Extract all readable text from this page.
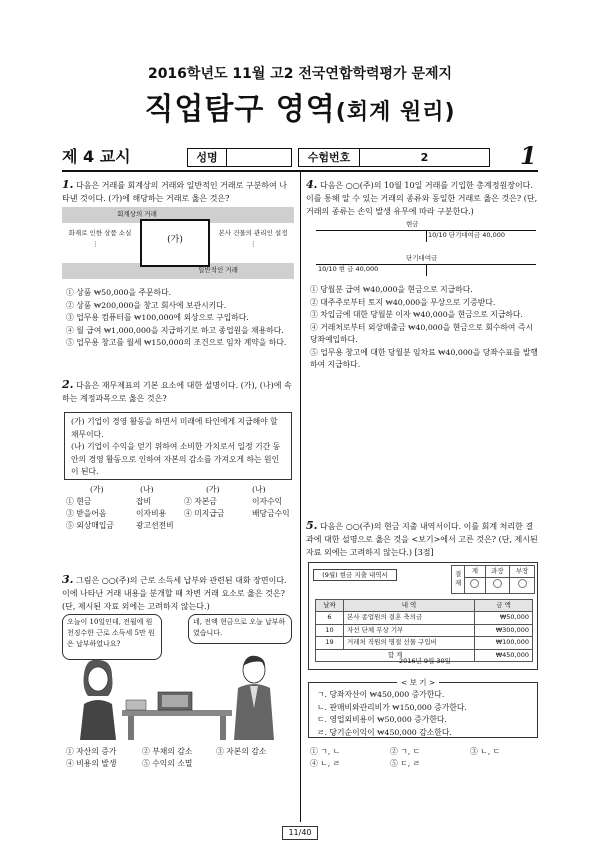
2016학년도 11월 고2 전국연합학력평가 문제지
직업탐구 영역(회계 원리)
제 4 교시	성명	수험번호	2	1
1. 다음은 거래를 회계상의 거래와 일반적인 거래로 구분하여 나타낸 것이다. (가)에 해당하는 거래로 옳은 것은?
회계상의 거래
화재로 인한 상품 소실
⋮	(가)
본사 건물의 관리인 설정
⋮
일반적인 거래
① 상품 ₩50,000을 주문하다.
② 상품 ₩200,000을 창고 회사에 보관시키다.
③ 업무용 컴퓨터를 ₩100,000에 외상으로 구입하다.
④ 월 급여 ₩1,000,000을 지급하기로 하고 종업원을 채용하다.
⑤ 업무용 창고를 월세 ₩150,000의 조건으로 임차 계약을 하다.
2. 다음은 재무제표의 기본 요소에 대한 설명이다. (가), (나)에 속하는 계정과목으로 옳은 것은?
(가) 기업이 경영 활동을 하면서 미래에 타인에게 지급해야 할 채무이다.
(나) 기업이 수익을 얻기 위하여 소비한 가치로서 일정 기간 동안의 경영 활동으로 인하여 자본의 감소를 가져오게 하는 원인이 된다.
(가)	(나)	(가)	(나)
① 현금	잡비	② 자본금	이자수익
③ 받을어음	이자비용 ④ 미지급금	배당금수익
⑤ 외상매입금	광고선전비
3. 그림은 ○○(주)의 근로 소득세 납부와 관련된 대화 장면이다. 이에 나타난 거래 내용을 분개할 때 차변 거래 요소로 옳은 것은? (단, 제시된 자료 외에는 고려하지 않는다.)
오늘이 10일인데, 전월에 원천징수한 근로 소득세 5만 원은 납부하였나요?
네, 전액 현금으로 오늘 납부하였습니다.
① 자산의 증가	② 부채의 감소	③ 자본의 감소
④ 비용의 발생	⑤ 수익의 소멸
4. 다음은 ○○(주)의 10월 10일 거래를 기입한 총계정원장이다. 이를 통해 알 수 있는 거래의 종류와 동일한 거래로 옳은 것은? (단, 거래의 종류는 손익 발생 유무에 따라 구분한다.)
현금
10/10 단기대여금 40,000
단기대여금
10/10 현 금 40,000
① 당월분 급여 ₩40,000을 현금으로 지급하다.
② 대주주로부터 토지 ₩40,000을 무상으로 기증받다.
③ 차입금에 대한 당월분 이자 ₩40,000을 현금으로 지급하다.
④ 거래처로부터 외상매출금 ₩40,000을 현금으로 회수하여 즉시 당좌예입하다.
⑤ 업무용 창고에 대한 당월분 임차료 ₩40,000을 당좌수표를 발행하여 지급하다.
5. 다음은 ○○(주)의 현금 지출 내역서이다. 이를 회계 처리한 결과에 대한 설명으로 옳은 것을 <보기>에서 고른 것은? (단, 제시된 자료 외에는 고려하지 않는다.) [3점]
(9월) 현금 지출 내역서	결재	계	과장	부장

날짜	내 역	금 액
6	본사 종업원의 결혼 축의금	₩50,000
10	자선 단체 무상 기부	₩300,000
19	거래처 직원의 명절 선물 구입비	₩100,000
합 계		₩450,000
2016년 9월 30일
< 보 기 >
ㄱ. 당좌자산이 ₩450,000 증가한다.
ㄴ. 판매비와관리비가 ₩150,000 증가한다.
ㄷ. 영업외비용이 ₩50,000 증가한다.
ㄹ. 당기순이익이 ₩450,000 감소한다.
① ㄱ, ㄴ	② ㄱ, ㄷ	③ ㄴ, ㄷ
④ ㄴ, ㄹ	⑤ ㄷ, ㄹ
11/40
